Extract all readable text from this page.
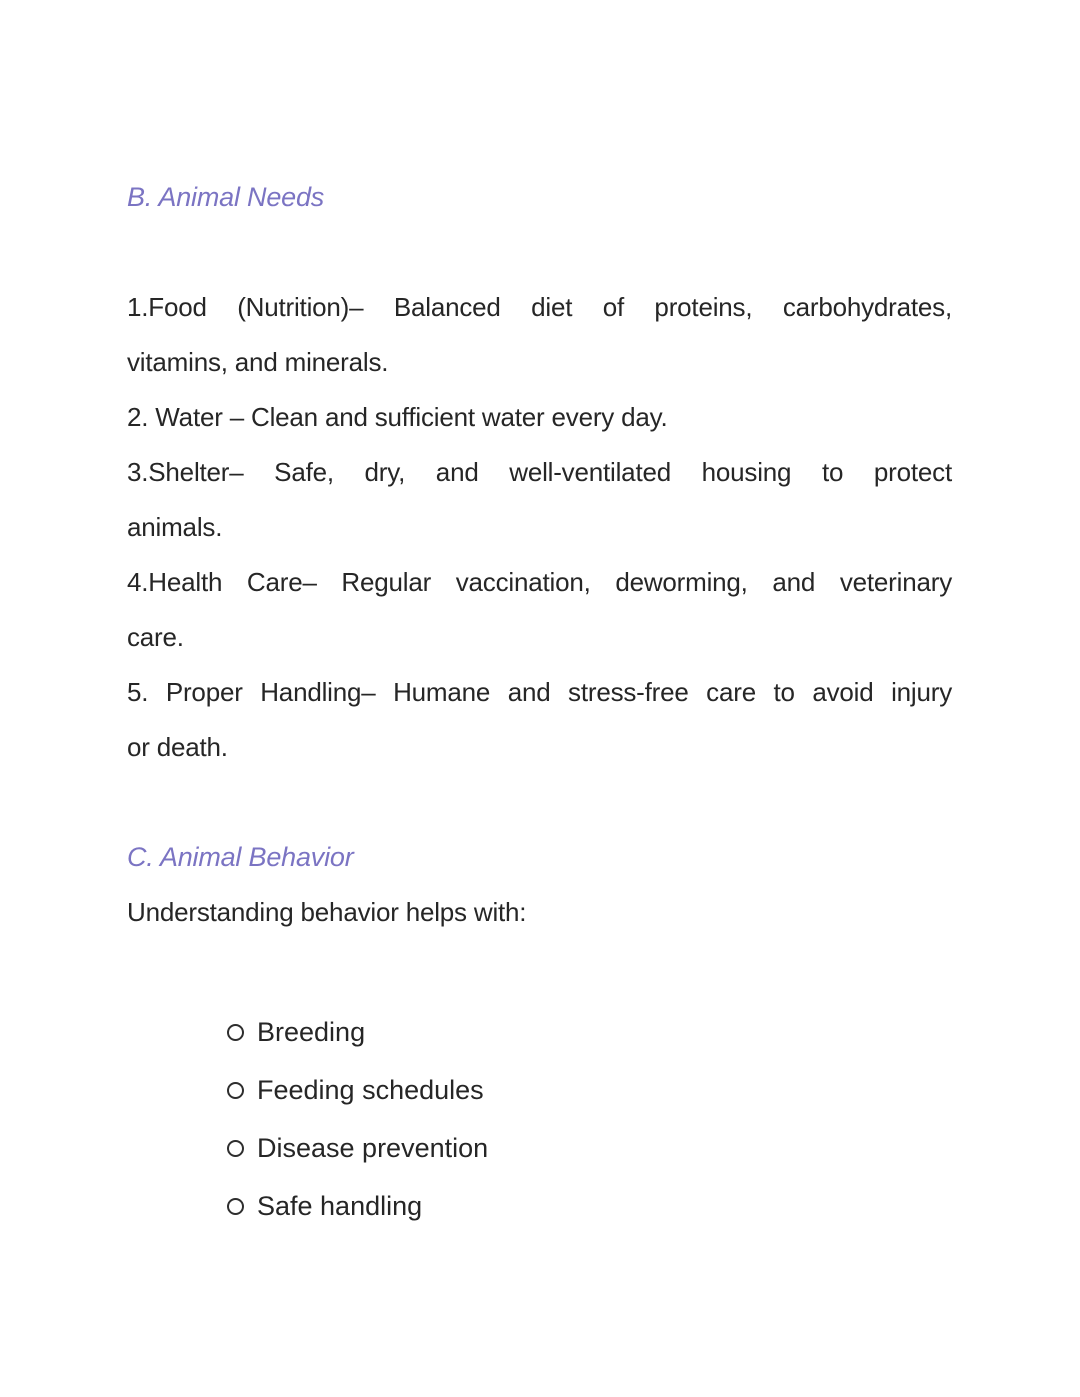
B. Animal Needs
1.Food (Nutrition)– Balanced diet of proteins, carbohydrates,
vitamins, and minerals.
2. Water – Clean and sufficient water every day.
3.Shelter– Safe, dry, and well-ventilated housing to protect
animals.
4.Health Care– Regular vaccination, deworming, and veterinary
care.
5. Proper Handling– Humane and stress-free care to avoid injury
or death.
C. Animal Behavior
Understanding behavior helps with:
Breeding
Feeding schedules
Disease prevention
Safe handling
